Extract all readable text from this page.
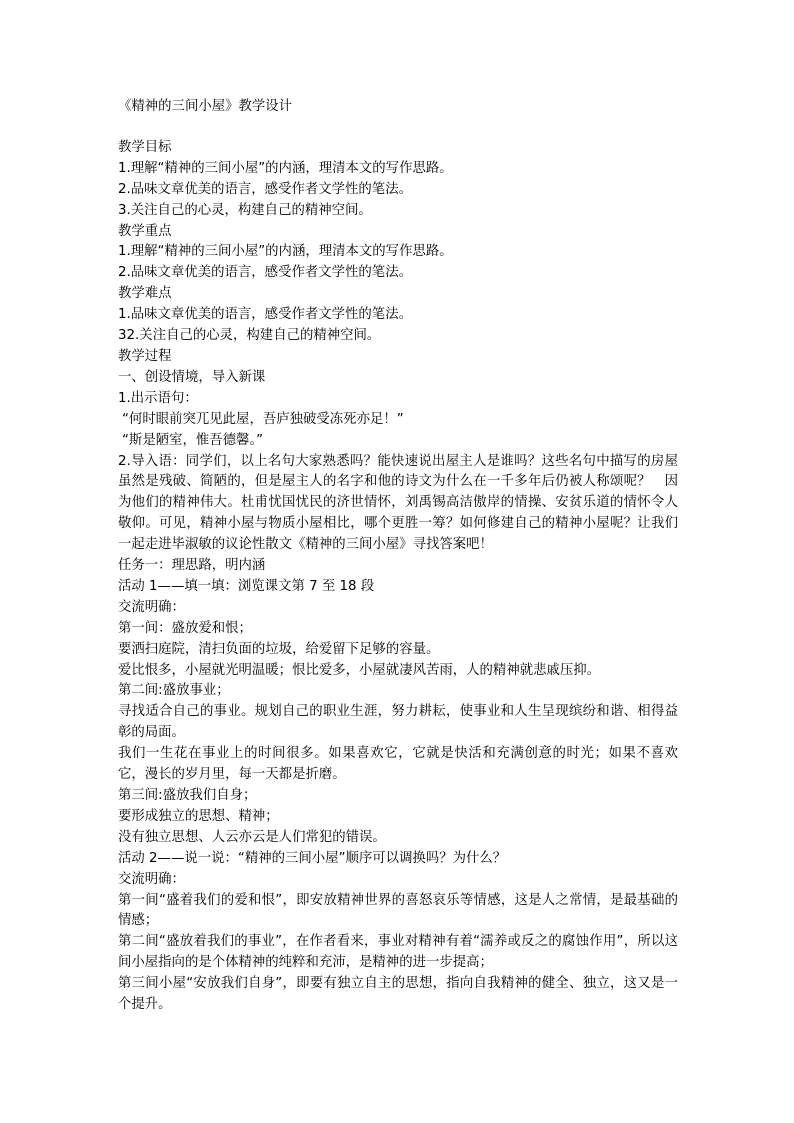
《精神的三间小屋》教学设计
教学目标
1.理解“精神的三间小屋”的内涵，理清本文的写作思路。
2.品味文章优美的语言，感受作者文学性的笔法。
3.关注自己的心灵，构建自己的精神空间。
教学重点
1.理解“精神的三间小屋”的内涵，理清本文的写作思路。
2.品味文章优美的语言，感受作者文学性的笔法。
教学难点
1.品味文章优美的语言，感受作者文学性的笔法。
32.关注自己的心灵，构建自己的精神空间。
教学过程
一、创设情境，导入新课
1.出示语句：
“何时眼前突兀见此屋，吾庐独破受冻死亦足！”
“斯是陋室，惟吾德馨。”
2.导入语：同学们，以上名句大家熟悉吗？能快速说出屋主人是谁吗？这些名句中描写的房屋虽然是残破、简陋的，但是屋主人的名字和他的诗文为什么在一千多年后仍被人称颂呢？　因为他们的精神伟大。杜甫忧国忧民的济世情怀，刘禹锡高洁傲岸的情操、安贫乐道的情怀令人敬仰。可见，精神小屋与物质小屋相比，哪个更胜一筹？如何修建自己的精神小屋呢？让我们一起走进毕淑敏的议论性散文《精神的三间小屋》寻找答案吧！
任务一：理思路，明内涵
活动 1——填一填：浏览课文第 7 至 18 段
交流明确：
第一间：盛放爱和恨；
要洒扫庭院，清扫负面的垃圾，给爱留下足够的容量。
爱比恨多，小屋就光明温暖；恨比爱多，小屋就凄风苦雨，人的精神就悲戚压抑。
第二间:盛放事业；
寻找适合自己的事业。规划自己的职业生涯，努力耕耘，使事业和人生呈现缤纷和谐、相得益彰的局面。
我们一生花在事业上的时间很多。如果喜欢它，它就是快活和充满创意的时光；如果不喜欢它，漫长的岁月里，每一天都是折磨。
第三间:盛放我们自身；
要形成独立的思想、精神；
没有独立思想、人云亦云是人们常犯的错误。
活动 2——说一说：“精神的三间小屋”顺序可以调换吗？为什么？
交流明确：
第一间“盛着我们的爱和恨”，即安放精神世界的喜怒哀乐等情感，这是人之常情，是最基础的情感；
第二间“盛放着我们的事业”，在作者看来，事业对精神有着“濡养或反之的腐蚀作用”，所以这间小屋指向的是个体精神的纯粹和充沛，是精神的进一步提高；
第三间小屋“安放我们自身”，即要有独立自主的思想，指向自我精神的健全、独立，这又是一个提升。
